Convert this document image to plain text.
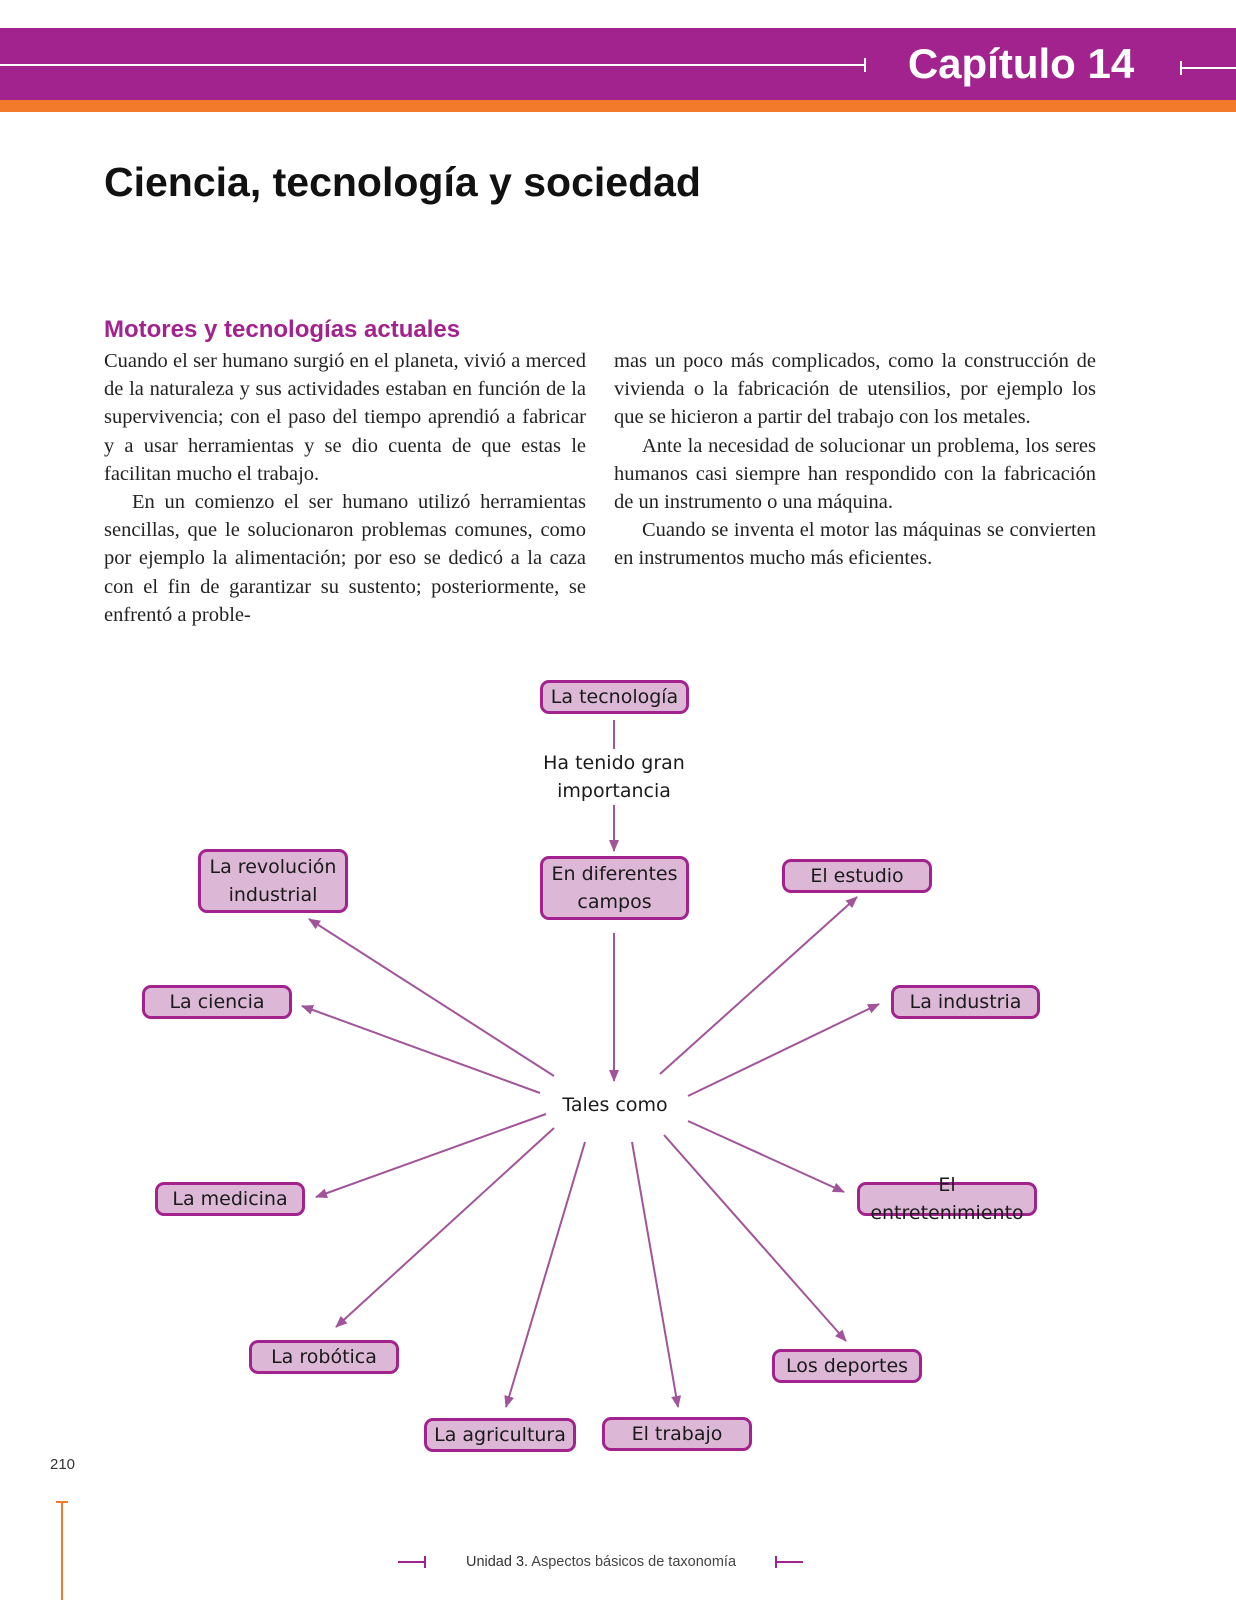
Capítulo 14
Ciencia, tecnología y sociedad
Motores y tecnologías actuales

Cuando el ser humano surgió en el planeta, vivió a merced de la naturaleza y sus actividades estaban en función de la supervivencia; con el paso del tiempo aprendió a fabricar y a usar herramientas y se dio cuenta de que estas le facilitan mucho el trabajo.

En un comienzo el ser humano utilizó herramientas sencillas, que le solucionaron problemas comunes, como por ejemplo la alimentación; por eso se dedicó a la caza con el fin de garantizar su sustento; posteriormente, se enfrentó a proble-

mas un poco más complicados, como la construcción de vivienda o la fabricación de utensilios, por ejemplo los que se hicieron a partir del trabajo con los metales.

Ante la necesidad de solucionar un problema, los seres humanos casi siempre han respondido con la fabricación de un instrumento o una máquina.

Cuando se inventa el motor las máquinas se convierten en instrumentos mucho más eficientes.

La tecnología
Ha tenido gran importancia
En diferentes campos
Tales como
La revolución industrial
La ciencia
La medicina
La robótica
La agricultura	El trabajo
Los deportes
El entretenimiento
La industria
El estudio
210
Unidad 3. Aspectos básicos de taxonomía
